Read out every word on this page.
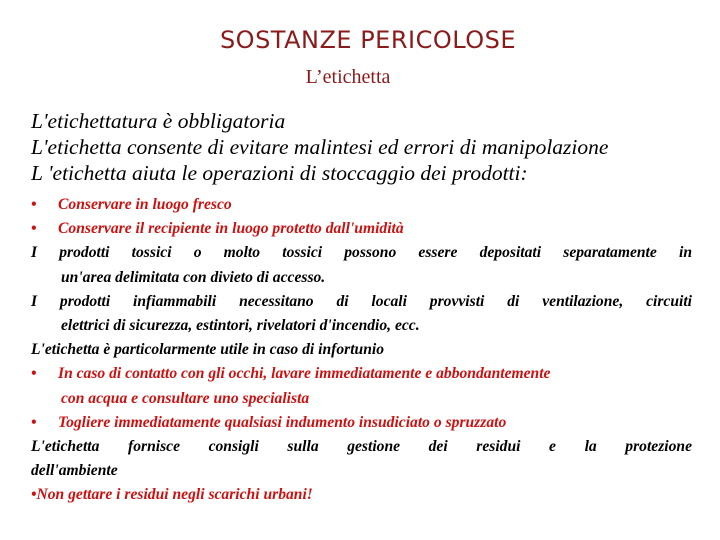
SOSTANZE PERICOLOSE
L’etichetta
L'etichettatura è obbligatoria
L'etichetta consente di evitare malintesi ed errori di manipolazione
L 'etichetta aiuta le operazioni di stoccaggio dei prodotti:
• Conservare in luogo fresco
• Conservare il recipiente in luogo protetto dall'umidità
I prodotti tossici o molto tossici possono essere depositati separatamente in
un'area delimitata con divieto di accesso.
I prodotti infiammabili necessitano di locali provvisti di ventilazione, circuiti
elettrici di sicurezza, estintori, rivelatori d'incendio, ecc.
L'etichetta è particolarmente utile in caso di infortunio
• In caso di contatto con gli occhi, lavare immediatamente e abbondantemente
con acqua e consultare uno specialista
• Togliere immediatamente qualsiasi indumento insudiciato o spruzzato
L'etichetta fornisce consigli sulla gestione dei residui e la protezione
dell'ambiente
•Non gettare i residui negli scarichi urbani!
